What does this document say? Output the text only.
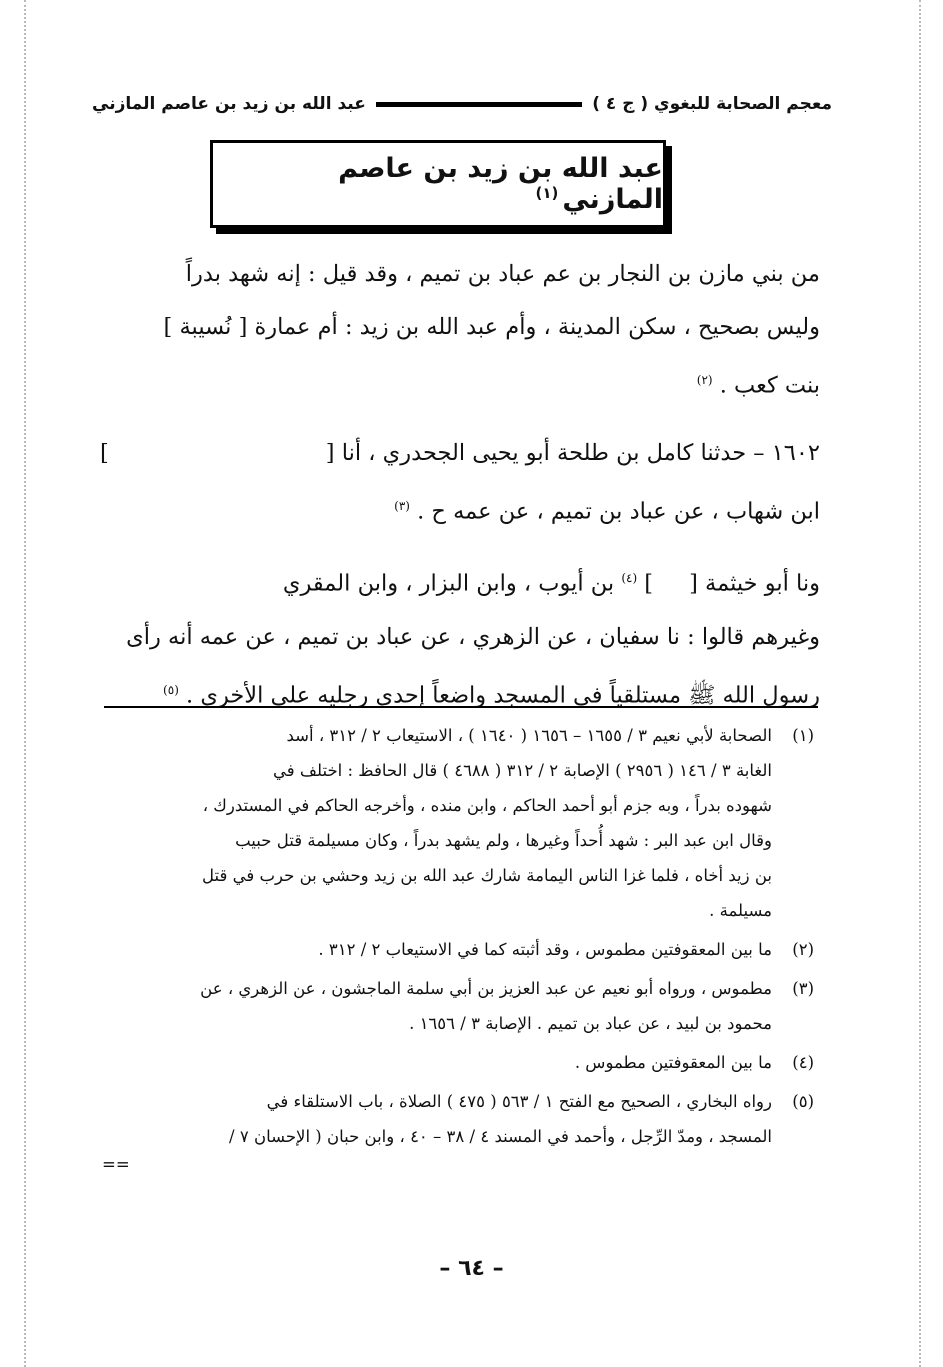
معجم الصحابة للبغوي ( ج ٤ )
عبد الله بن زيد بن عاصم المازني
عبد الله بن زيد بن عاصم المازني$^{(١)}$

من بني مازن بن النجار بن عم عباد بن تميم ، وقد قيل : إنه شهد بدراً

وليس بصحيح ، سكن المدينة ، وأم عبد الله بن زيد : أم عمارة [ نُسيبة ]

بنت كعب . $^{(٢)}$

١٦٠٢ – حدثنا كامل بن طلحة أبو يحيى الجحدري ، أنا [
]

ابن شهاب ، عن عباد بن تميم ، عن عمه ح . $^{(٣)}$

ونا أبو خيثمة [] $^{(٤)}$ بن أيوب ، وابن البزار ، وابن المقري

وغيرهم قالوا : نا سفيان ، عن الزهري ، عن عباد بن تميم ، عن عمه أنه رأى

رسول الله ﷺ مستلقياً في المسجد واضعاً إحدى رجليه على الأخرى . $^{(٥)}$

(١)
الصحابة لأبي نعيم ٣ / ١٦٥٥ – ١٦٥٦ ( ١٦٤٠ ) ، الاستيعاب ٢ / ٣١٢ ، أسد
الغابة ٣ / ١٤٦ ( ٢٩٥٦ ) الإصابة ٢ / ٣١٢ ( ٤٦٨٨ ) قال الحافظ : اختلف في
شهوده بدراً ، وبه جزم أبو أحمد الحاكم ، وابن منده ، وأخرجه الحاكم في المستدرك ،
وقال ابن عبد البر : شهد أُحداً وغيرها ، ولم يشهد بدراً ، وكان مسيلمة قتل حبيب
بن زيد أخاه ، فلما غزا الناس اليمامة شارك عبد الله بن زيد وحشي بن حرب في قتل
مسيلمة .
(٢)
ما بين المعقوفتين مطموس ، وقد أثبته كما في الاستيعاب ٢ / ٣١٢ .
(٣)
مطموس ، ورواه أبو نعيم عن عبد العزيز بن أبي سلمة الماجشون ، عن الزهري ، عن
محمود بن لبيد ، عن عباد بن تميم . الإصابة ٣ / ١٦٥٦ .
(٤)
ما بين المعقوفتين مطموس .
(٥)
رواه البخاري ، الصحيح مع الفتح ١ / ٥٦٣ ( ٤٧٥ ) الصلاة ، باب الاستلقاء في
المسجد ، ومدّ الرِّجل ، وأحمد في المسند ٤ / ٣٨ – ٤٠ ، وابن حبان ( الإحسان ٧ /
==
– ٦٤ –
